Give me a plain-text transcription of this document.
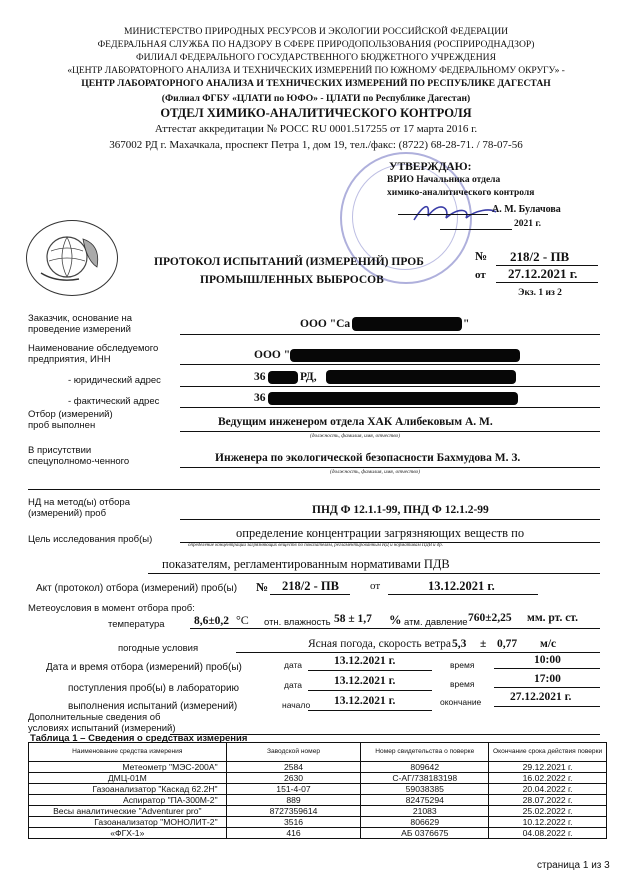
МИНИСТЕРСТВО ПРИРОДНЫХ РЕСУРСОВ И ЭКОЛОГИИ РОССИЙСКОЙ ФЕДЕРАЦИИ
ФЕДЕРАЛЬНАЯ СЛУЖБА ПО НАДЗОРУ В СФЕРЕ ПРИРОДОПОЛЬЗОВАНИЯ (РОСПРИРОДНАДЗОР)
ФИЛИАЛ ФЕДЕРАЛЬНОГО ГОСУДАРСТВЕННОГО БЮДЖЕТНОГО УЧРЕЖДЕНИЯ
«ЦЕНТР ЛАБОРАТОРНОГО АНАЛИЗА И ТЕХНИЧЕСКИХ ИЗМЕРЕНИЙ ПО ЮЖНОМУ ФЕДЕРАЛЬНОМУ ОКРУГУ» -
ЦЕНТР ЛАБОРАТОРНОГО АНАЛИЗА И ТЕХНИЧЕСКИХ ИЗМЕРЕНИЙ ПО РЕСПУБЛИКЕ ДАГЕСТАН
(Филиал ФГБУ «ЦЛАТИ по ЮФО» - ЦЛАТИ по Республике Дагестан)
ОТДЕЛ ХИМИКО-АНАЛИТИЧЕСКОГО КОНТРОЛЯ
Аттестат аккредитации № РОСС RU 0001.517255 от 17 марта 2016 г.
367002 РД г. Махачкала, проспект Петра 1, дом 19, тел./факс: (8722) 68-28-71. / 78-07-56
УТВЕРЖДАЮ:
ВРИО Начальника отдела
химико-аналитического контроля
А. М. Булачова
2021 г.
ПРОТОКОЛ ИСПЫТАНИЙ (ИЗМЕРЕНИЙ) ПРОБ
ПРОМЫШЛЕННЫХ ВЫБРОСОВ
№ 218/2 - ПВ
от 27.12.2021 г.
Экз. 1 из 2
Заказчик, основание на
проведение измерений	ООО "Са	"
Наименование обследуемого
предприятия, ИНН	ООО "
- юридический адрес	36	РД,
- фактический адрес	36
Отбор (измерений)
проб выполнен	Ведущим инженером отдела ХАК Алибековым А. М.
(должность, фамилия, имя, отчество)
В присутствии
спецуполномо-ченного	Инженера по экологической безопасности Бахмудова М. З.
(должность, фамилия, имя, отчество)
НД на метод(ы) отбора
(измерений) проб	ПНД Ф 12.1.1-99, ПНД Ф 12.1.2-99
Цель исследования проб(ы)	определение концентрации загрязняющих веществ по
определение концентрации загрязняющих веществ по показателям, регламентированным НД и нормативам ПДВ и др.
показателям, регламентированным нормативами ПДВ
Акт (протокол) отбора (измерений) проб(ы) № 218/2 - ПВ	от	13.12.2021 г.
Метеоусловия в момент отбора проб:
температура	8,6±0,2 °С отн. влажность 58 ± 1,7 % атм. давление 760±2,25 мм. рт. ст.
погодные условия	Ясная погода, скорость ветра 5,3 ± 0,77 м/с
Дата и время отбора (измерений) проб(ы)	дата	13.12.2021 г.	время	10:00
поступления проб(ы) в лабораторию	дата	13.12.2021 г.	время	17:00
выполнения испытаний (измерений)	начало 13.12.2021 г.	окончание 27.12.2021 г.
Дополнительные сведения об
условиях испытаний (измерений)
Таблица 1 – Сведения о средствах измерения
Наименование средства измерения	Заводской номер	Номер свидетельства о поверке	Окончание срока действия поверки
Метеометр "МЭС-200А"	2584	809642	29.12.2021 г.
ДМЦ-01М	2630	С-АГ/738183198	16.02.2022 г.
Газоанализатор "Каскад 62.2Н"	151-4-07	59038385	20.04.2022 г.
Аспиратор "ПА-300М-2"	889	82475294	28.07.2022 г.
Весы аналитические "Adventurer pro"	8727359614	21083	25.02.2022 г.
Газоанализатор "МОНОЛИТ-2"	3516	806629	10.12.2022 г.
«ФГХ-1»	416	АБ 0376675	04.08.2022 г.
страница 1 из 3
